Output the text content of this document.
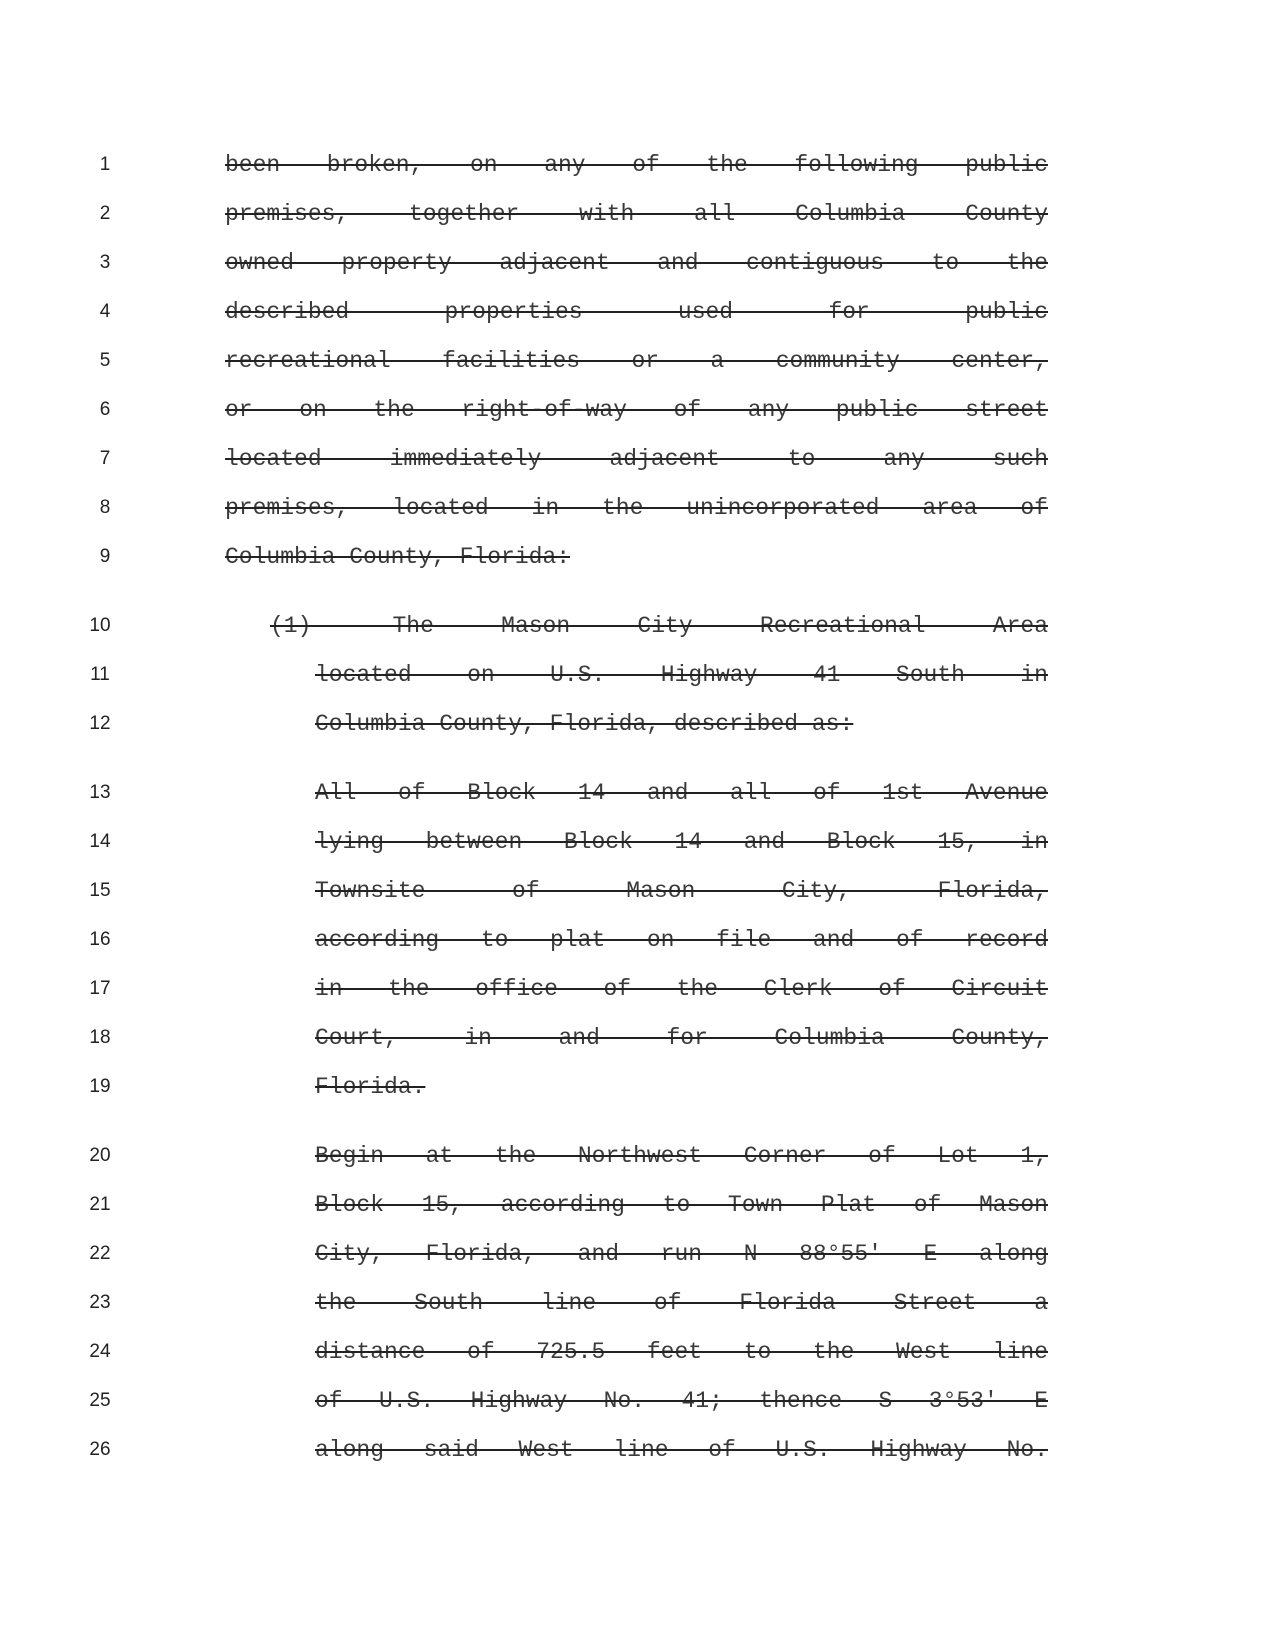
1
2
3
4
5
6
7
8
9
10
11
12
13
14
15
16
17
18
19
20
21
22
23
24
25
26
been broken, on any of the following public
premises, together with all Columbia County
owned property adjacent and contiguous to the
described properties used for public
recreational facilities or a community center,
or on the right-of-way of any public street
located immediately adjacent to any such
premises, located in the unincorporated area of
Columbia County, Florida:
(1) —The Mason City Recreational Area
located on U.S. Highway 41 South in
Columbia County, Florida, described as:
All of Block 14 and all of 1st Avenue
lying between Block 14 and Block 15, in
Townsite of Mason City, Florida,
according to plat on file and of record
in the office of the Clerk of Circuit
Court, in and for Columbia County,
Florida.
Begin at the Northwest Corner of Lot 1,
Block 15, according to Town Plat of Mason
City, Florida, and run N 88°55′ E along
the South line of Florida Street a
distance of 725.5 feet to the West line
of U.S. Highway No. 41; thence S 3°53′ E
along said West line of U.S. Highway No.
